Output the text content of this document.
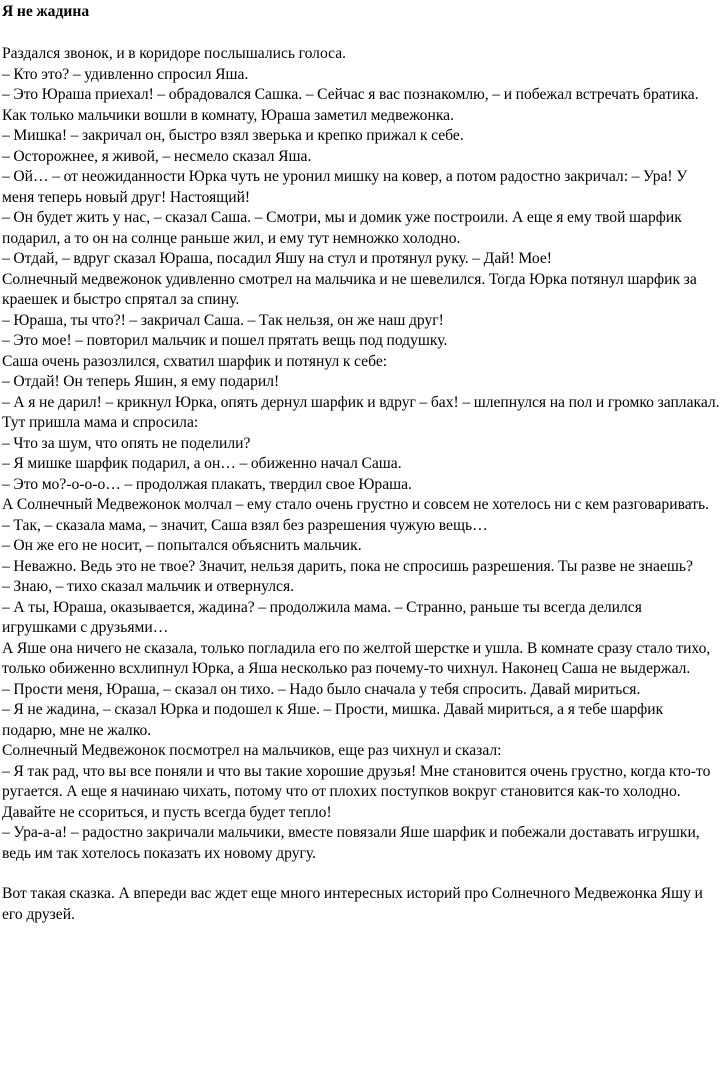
Я не жадина

Раздался звонок, и в коридоре послышались голоса.

– Кто это? – удивленно спросил Яша.

– Это Юраша приехал! – обрадовался Сашка. – Сейчас я вас познакомлю, – и побежал встречать братика.

Как только мальчики вошли в комнату, Юраша заметил медвежонка.

– Мишка! – закричал он, быстро взял зверька и крепко прижал к себе.

– Осторожнее, я живой, – несмело сказал Яша.

– Ой… – от неожиданности Юрка чуть не уронил мишку на ковер, а потом радостно закричал: – Ура! У меня теперь новый друг! Настоящий!

– Он будет жить у нас, – сказал Саша. – Смотри, мы и домик уже построили. А еще я ему твой шарфик подарил, а то он на солнце раньше жил, и ему тут немножко холодно.

– Отдай, – вдруг сказал Юраша, посадил Яшу на стул и протянул руку. – Дай! Мое!

Солнечный медвежонок удивленно смотрел на мальчика и не шевелился. Тогда Юрка потянул шарфик за краешек и быстро спрятал за спину.

– Юраша, ты что?! – закричал Саша. – Так нельзя, он же наш друг!

– Это мое! – повторил мальчик и пошел прятать вещь под подушку.

Саша очень разозлился, схватил шарфик и потянул к себе:

– Отдай! Он теперь Яшин, я ему подарил!

– А я не дарил! – крикнул Юрка, опять дернул шарфик и вдруг – бах! – шлепнулся на пол и громко заплакал.

Тут пришла мама и спросила:

– Что за шум, что опять не поделили?

– Я мишке шарфик подарил, а он… – обиженно начал Саша.

– Это мо?-о-о-о… – продолжая плакать, твердил свое Юраша.

А Солнечный Медвежонок молчал – ему стало очень грустно и совсем не хотелось ни с кем разговаривать.

– Так, – сказала мама, – значит, Саша взял без разрешения чужую вещь…

– Он же его не носит, – попытался объяснить мальчик.

– Неважно. Ведь это не твое? Значит, нельзя дарить, пока не спросишь разрешения. Ты разве не знаешь?

– Знаю, – тихо сказал мальчик и отвернулся.

– А ты, Юраша, оказывается, жадина? – продолжила мама. – Странно, раньше ты всегда делился игрушками с друзьями…

А Яше она ничего не сказала, только погладила его по желтой шерстке и ушла. В комнате сразу стало тихо, только обиженно всхлипнул Юрка, а Яша несколько раз почему-то чихнул. Наконец Саша не выдержал.

– Прости меня, Юраша, – сказал он тихо. – Надо было сначала у тебя спросить. Давай мириться.

– Я не жадина, – сказал Юрка и подошел к Яше. – Прости, мишка. Давай мириться, а я тебе шарфик подарю, мне не жалко.

Солнечный Медвежонок посмотрел на мальчиков, еще раз чихнул и сказал:

– Я так рад, что вы все поняли и что вы такие хорошие друзья! Мне становится очень грустно, когда кто-то ругается. А еще я начинаю чихать, потому что от плохих поступков вокруг становится как-то холодно. Давайте не ссориться, и пусть всегда будет тепло!

– Ура-а-а! – радостно закричали мальчики, вместе повязали Яше шарфик и побежали доставать игрушки, ведь им так хотелось показать их новому другу.

Вот такая сказка. А впереди вас ждет еще много интересных историй про Солнечного Медвежонка Яшу и его друзей.
